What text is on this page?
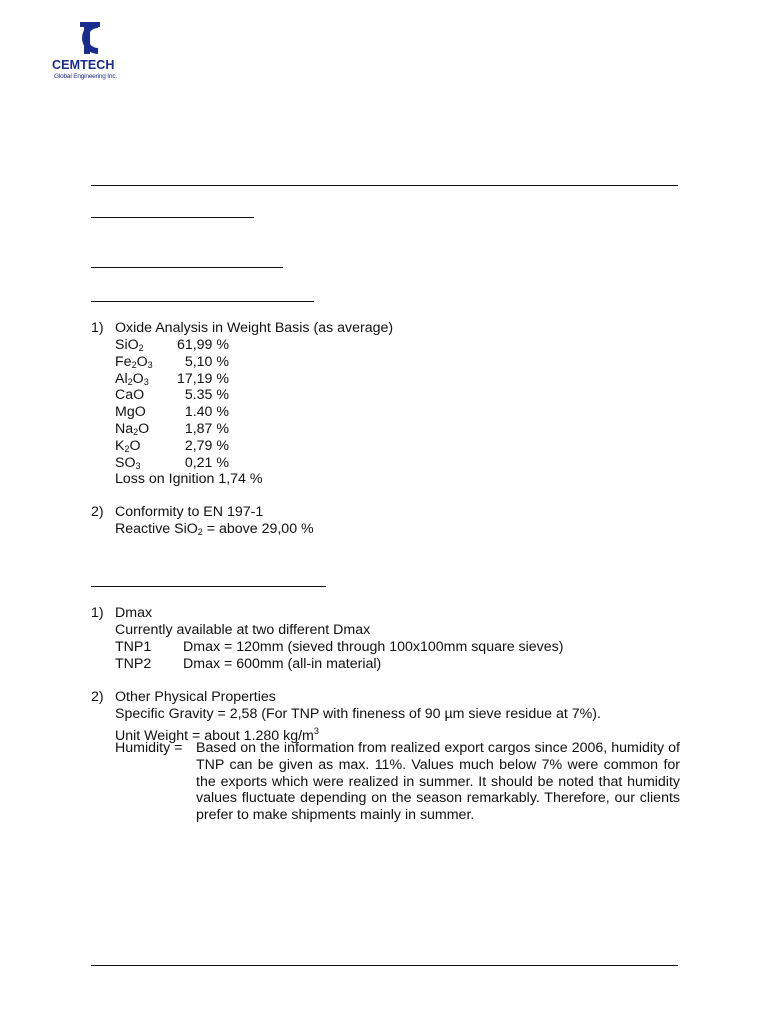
CEMTECH
Global Engineering Inc.
1) Oxide Analysis in Weight Basis (as average)
SiO$_2$	61,99 %
$Fe_2O_3$	5,10 %
$Al_2O_3$	17,19 %
CaO	5.35 %
MgO	1.40 %
$Na_2O$	1,87 %
$K_2O$	2,79 %
$SO_3$	0,21 %
Loss on Ignition 1,74 %
2) Conformity to EN 197-1
Reactive SiO$_2$ = above 29,00 %
1) Dmax
Currently available at two different Dmax
TNP1 Dmax = 120mm (sieved through 100x100mm square sieves)
TNP2 Dmax = 600mm (all-in material)
2) Other Physical Properties
Specific Gravity = 2,58 (For TNP with fineness of 90 µm sieve residue at 7%).
Unit Weight = about 1.280 $kg/m^3$
Humidity = Based on the information from realized export cargos since 2006, humidity of TNP can be given as max. 11%. Values much below 7% were common for the exports which were realized in summer. It should be noted that humidity values fluctuate depending on the season remarkably. Therefore, our clients prefer to make shipments mainly in summer.
